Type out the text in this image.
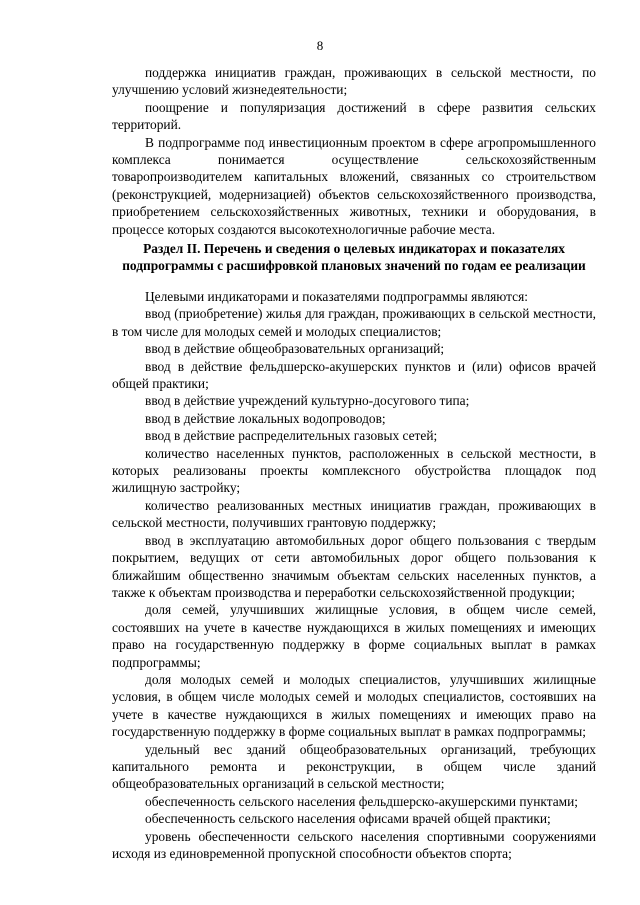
8

поддержка инициатив граждан, проживающих в сельской местности, по улучшению условий жизнедеятельности;

поощрение и популяризация достижений в сфере развития сельских территорий.

В подпрограмме под инвестиционным проектом в сфере агропромышленного комплекса понимается осуществление сельскохозяйственным товаропроизводителем капитальных вложений, связанных со строительством (реконструкцией, модернизацией) объектов сельскохозяйственного производства, приобретением сельскохозяйственных животных, техники и оборудования, в процессе которых создаются высокотехнологичные рабочие места.

Раздел II. Перечень и сведения о целевых индикаторах и показателях подпрограммы с расшифровкой плановых значений по годам ее реализации

Целевыми индикаторами и показателями подпрограммы являются:

ввод (приобретение) жилья для граждан, проживающих в сельской местности, в том числе для молодых семей и молодых специалистов;

ввод в действие общеобразовательных организаций;

ввод в действие фельдшерско-акушерских пунктов и (или) офисов врачей общей практики;

ввод в действие учреждений культурно-досугового типа;

ввод в действие локальных водопроводов;

ввод в действие распределительных газовых сетей;

количество населенных пунктов, расположенных в сельской местности, в которых реализованы проекты комплексного обустройства площадок под жилищную застройку;

количество реализованных местных инициатив граждан, проживающих в сельской местности, получивших грантовую поддержку;

ввод в эксплуатацию автомобильных дорог общего пользования с твердым покрытием, ведущих от сети автомобильных дорог общего пользования к ближайшим общественно значимым объектам сельских населенных пунктов, а также к объектам производства и переработки сельскохозяйственной продукции;

доля семей, улучшивших жилищные условия, в общем числе семей, состоявших на учете в качестве нуждающихся в жилых помещениях и имеющих право на государственную поддержку в форме социальных выплат в рамках подпрограммы;

доля молодых семей и молодых специалистов, улучшивших жилищные условия, в общем числе молодых семей и молодых специалистов, состоявших на учете в качестве нуждающихся в жилых помещениях и имеющих право на государственную поддержку в форме социальных выплат в рамках подпрограммы;

удельный вес зданий общеобразовательных организаций, требующих капитального ремонта и реконструкции, в общем числе зданий общеобразовательных организаций в сельской местности;

обеспеченность сельского населения фельдшерско-акушерскими пунктами;

обеспеченность сельского населения офисами врачей общей практики;

уровень обеспеченности сельского населения спортивными сооружениями исходя из единовременной пропускной способности объектов спорта;
